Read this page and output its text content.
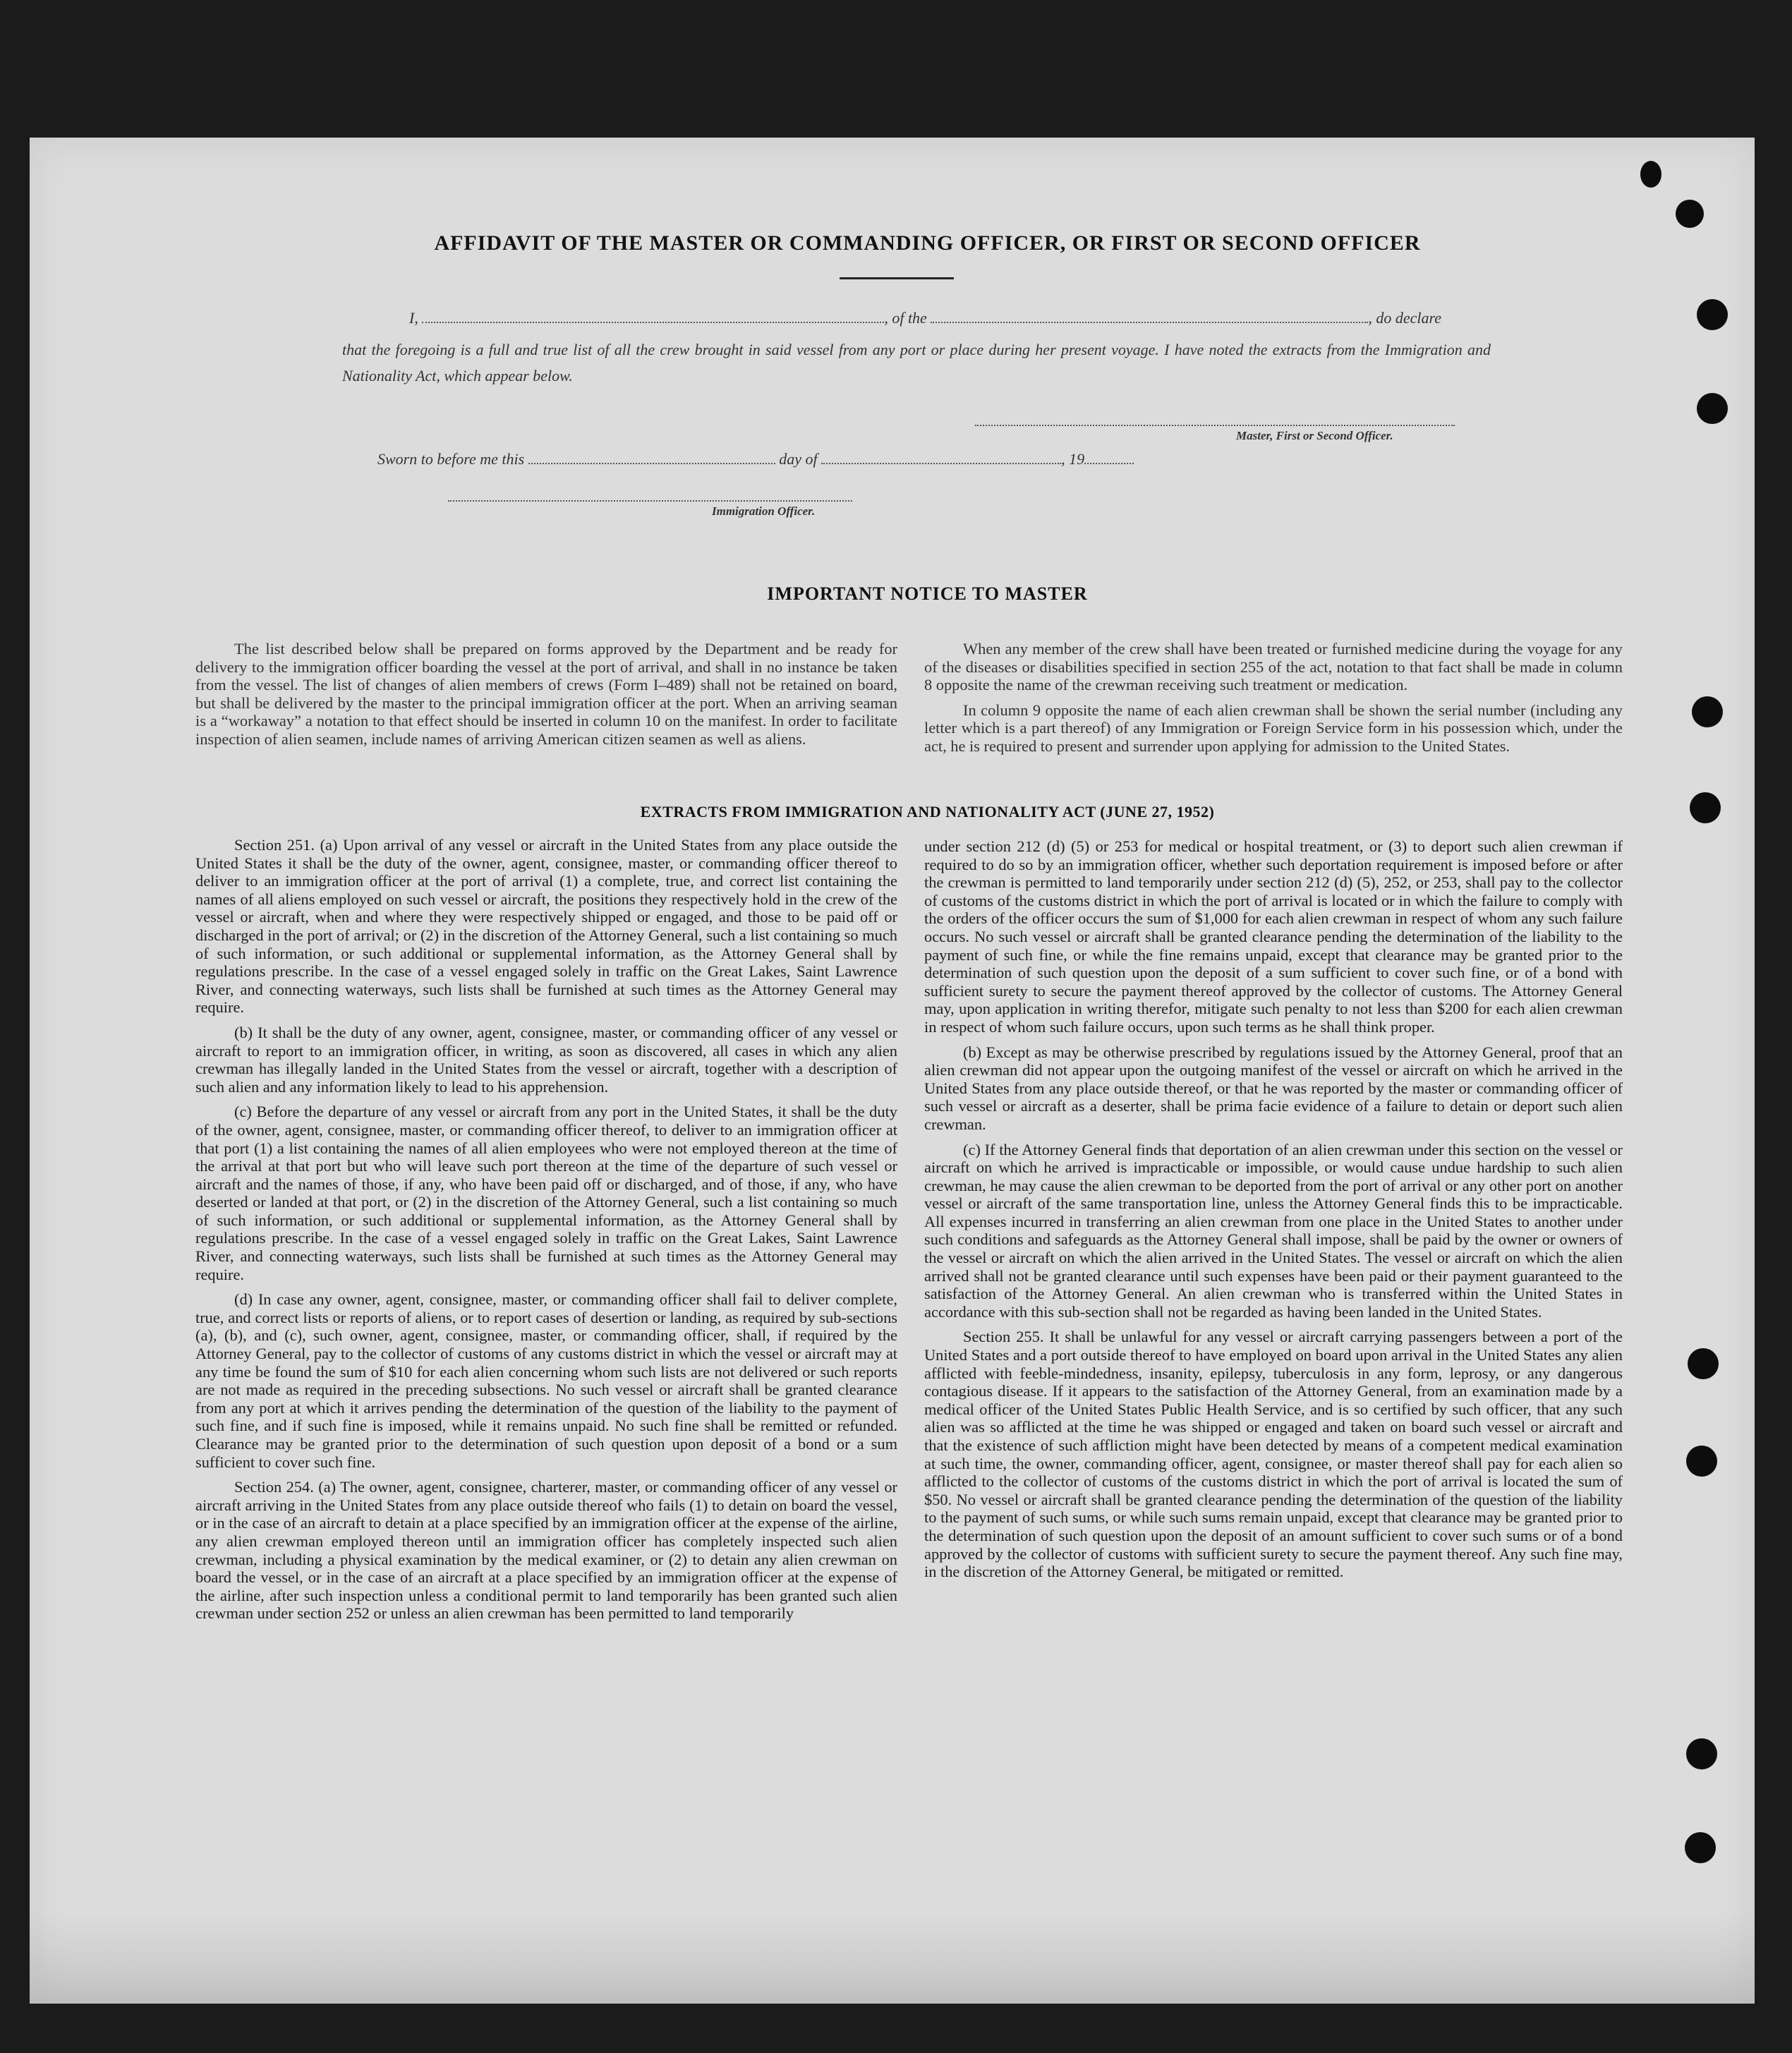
AFFIDAVIT OF THE MASTER OR COMMANDING OFFICER, OR FIRST OR SECOND OFFICER
I,	, of the	, do declare
that the foregoing is a full and true list of all the crew brought in said vessel from any port or place during her present voyage. I have noted the extracts from the Immigration and Nationality Act, which appear below.
Master, First or Second Officer.
Sworn to before me this	day of	, 19
Immigration Officer.
IMPORTANT NOTICE TO MASTER

The list described below shall be prepared on forms approved by the Department and be ready for delivery to the immigration officer boarding the vessel at the port of arrival, and shall in no instance be taken from the vessel. The list of changes of alien members of crews (Form I–489) shall not be retained on board, but shall be delivered by the master to the principal immigration officer at the port. When an arriving seaman is a “workaway” a notation to that effect should be inserted in column 10 on the manifest. In order to facilitate inspection of alien seamen, include names of arriving American citizen seamen as well as aliens.

When any member of the crew shall have been treated or furnished medicine during the voyage for any of the diseases or disabilities specified in section 255 of the act, notation to that fact shall be made in column 8 opposite the name of the crewman receiving such treatment or medication.

In column 9 opposite the name of each alien crewman shall be shown the serial number (including any letter which is a part thereof) of any Immigration or Foreign Service form in his possession which, under the act, he is required to present and surrender upon applying for admission to the United States.

EXTRACTS FROM IMMIGRATION AND NATIONALITY ACT (JUNE 27, 1952)

Section 251. (a) Upon arrival of any vessel or aircraft in the United States from any place outside the United States it shall be the duty of the owner, agent, consignee, master, or commanding officer thereof to deliver to an immigration officer at the port of arrival (1) a complete, true, and correct list containing the names of all aliens employed on such vessel or aircraft, the positions they respectively hold in the crew of the vessel or aircraft, when and where they were respectively shipped or engaged, and those to be paid off or discharged in the port of arrival; or (2) in the discretion of the Attorney General, such a list containing so much of such information, or such additional or supplemental information, as the Attorney General shall by regulations prescribe. In the case of a vessel engaged solely in traffic on the Great Lakes, Saint Lawrence River, and connecting waterways, such lists shall be furnished at such times as the Attorney General may require.

(b) It shall be the duty of any owner, agent, consignee, master, or commanding officer of any vessel or aircraft to report to an immigration officer, in writing, as soon as discovered, all cases in which any alien crewman has illegally landed in the United States from the vessel or aircraft, together with a description of such alien and any information likely to lead to his apprehension.

(c) Before the departure of any vessel or aircraft from any port in the United States, it shall be the duty of the owner, agent, consignee, master, or commanding officer thereof, to deliver to an immigration officer at that port (1) a list containing the names of all alien employees who were not employed thereon at the time of the arrival at that port but who will leave such port thereon at the time of the departure of such vessel or aircraft and the names of those, if any, who have been paid off or discharged, and of those, if any, who have deserted or landed at that port, or (2) in the discretion of the Attorney General, such a list containing so much of such information, or such additional or supplemental information, as the Attorney General shall by regulations prescribe. In the case of a vessel engaged solely in traffic on the Great Lakes, Saint Lawrence River, and connecting waterways, such lists shall be furnished at such times as the Attorney General may require.

(d) In case any owner, agent, consignee, master, or commanding officer shall fail to deliver complete, true, and correct lists or reports of aliens, or to report cases of desertion or landing, as required by sub-sections (a), (b), and (c), such owner, agent, consignee, master, or commanding officer, shall, if required by the Attorney General, pay to the collector of customs of any customs district in which the vessel or aircraft may at any time be found the sum of $10 for each alien concerning whom such lists are not delivered or such reports are not made as required in the preceding subsections. No such vessel or aircraft shall be granted clearance from any port at which it arrives pending the determination of the question of the liability to the payment of such fine, and if such fine is imposed, while it remains unpaid. No such fine shall be remitted or refunded. Clearance may be granted prior to the determination of such question upon deposit of a bond or a sum sufficient to cover such fine.

Section 254. (a) The owner, agent, consignee, charterer, master, or commanding officer of any vessel or aircraft arriving in the United States from any place outside thereof who fails (1) to detain on board the vessel, or in the case of an aircraft to detain at a place specified by an immigration officer at the expense of the airline, any alien crewman employed thereon until an immigration officer has completely inspected such alien crewman, including a physical examination by the medical examiner, or (2) to detain any alien crewman on board the vessel, or in the case of an aircraft at a place specified by an immigration officer at the expense of the airline, after such inspection unless a conditional permit to land temporarily has been granted such alien crewman under section 252 or unless an alien crewman has been permitted to land temporarily

under section 212 (d) (5) or 253 for medical or hospital treatment, or (3) to deport such alien crewman if required to do so by an immigration officer, whether such deportation requirement is imposed before or after the crewman is permitted to land temporarily under section 212 (d) (5), 252, or 253, shall pay to the collector of customs of the customs district in which the port of arrival is located or in which the failure to comply with the orders of the officer occurs the sum of $1,000 for each alien crewman in respect of whom any such failure occurs. No such vessel or aircraft shall be granted clearance pending the determination of the liability to the payment of such fine, or while the fine remains unpaid, except that clearance may be granted prior to the determination of such question upon the deposit of a sum sufficient to cover such fine, or of a bond with sufficient surety to secure the payment thereof approved by the collector of customs. The Attorney General may, upon application in writing therefor, mitigate such penalty to not less than $200 for each alien crewman in respect of whom such failure occurs, upon such terms as he shall think proper.

(b) Except as may be otherwise prescribed by regulations issued by the Attorney General, proof that an alien crewman did not appear upon the outgoing manifest of the vessel or aircraft on which he arrived in the United States from any place outside thereof, or that he was reported by the master or commanding officer of such vessel or aircraft as a deserter, shall be prima facie evidence of a failure to detain or deport such alien crewman.

(c) If the Attorney General finds that deportation of an alien crewman under this section on the vessel or aircraft on which he arrived is impracticable or impossible, or would cause undue hardship to such alien crewman, he may cause the alien crewman to be deported from the port of arrival or any other port on another vessel or aircraft of the same transportation line, unless the Attorney General finds this to be impracticable. All expenses incurred in transferring an alien crewman from one place in the United States to another under such conditions and safeguards as the Attorney General shall impose, shall be paid by the owner or owners of the vessel or aircraft on which the alien arrived in the United States. The vessel or aircraft on which the alien arrived shall not be granted clearance until such expenses have been paid or their payment guaranteed to the satisfaction of the Attorney General. An alien crewman who is transferred within the United States in accordance with this sub-section shall not be regarded as having been landed in the United States.

Section 255. It shall be unlawful for any vessel or aircraft carrying passengers between a port of the United States and a port outside thereof to have employed on board upon arrival in the United States any alien afflicted with feeble-mindedness, insanity, epilepsy, tuberculosis in any form, leprosy, or any dangerous contagious disease. If it appears to the satisfaction of the Attorney General, from an examination made by a medical officer of the United States Public Health Service, and is so certified by such officer, that any such alien was so afflicted at the time he was shipped or engaged and taken on board such vessel or aircraft and that the existence of such affliction might have been detected by means of a competent medical examination at such time, the owner, commanding officer, agent, consignee, or master thereof shall pay for each alien so afflicted to the collector of customs of the customs district in which the port of arrival is located the sum of $50. No vessel or aircraft shall be granted clearance pending the determination of the question of the liability to the payment of such sums, or while such sums remain unpaid, except that clearance may be granted prior to the determination of such question upon the deposit of an amount sufficient to cover such sums or of a bond approved by the collector of customs with sufficient surety to secure the payment thereof. Any such fine may, in the discretion of the Attorney General, be mitigated or remitted.
